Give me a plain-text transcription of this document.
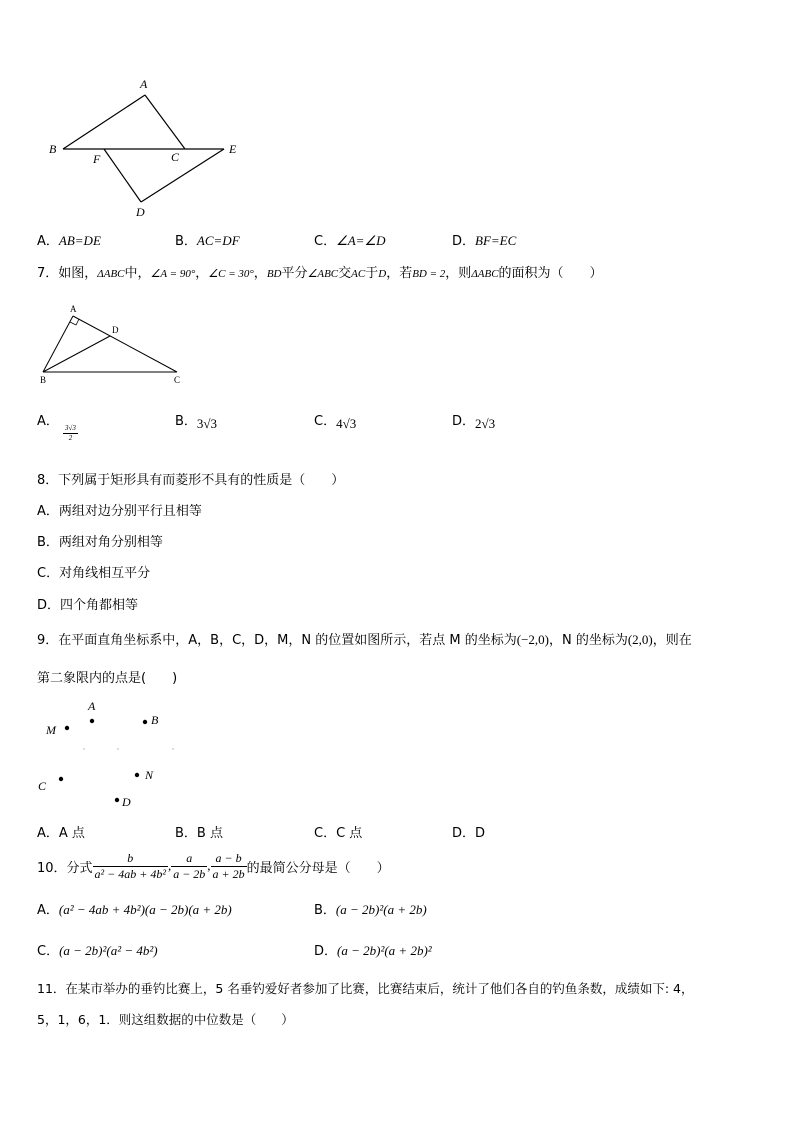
A
B
F	C
E
D
A．AB=DE	B．AC=DF	C．∠A=∠D	D．BF=EC
7．如图，ΔABC中，∠A = 90°，∠C = 30°，BD平分∠ABC交AC于D，若BD = 2，则ΔABC的面积为（　　）
A
D
B	C
A．
$\frac{3√3}{2}$
B．3√3	C．4√3	D．2√3
8．下列属于矩形具有而菱形不具有的性质是（　　）
A．两组对边分别平行且相等
B．两组对角分别相等
C．对角线相互平分
D．四个角都相等
9．在平面直角坐标系中，A，B，C，D，M，N 的位置如图所示，若点 M 的坐标为(−2,0)，N 的坐标为(2,0)，则在
第二象限内的点是(　　)
M
A
B
C
N
D
A．A 点	B．B 点	C．C 点	D．D
10．分式 $\frac{b}{\text{a² − 4ab + 4b²}}$ , $\frac{a}{a - 2b}$ , $\frac{a - b}{a + 2b}$ 的最简公分母是（　　）
A．(a² − 4ab + 4b²)(a − 2b)(a + 2b)	B．(a − 2b)²(a + 2b)
C．(a − 2b)²(a² − 4b²)	D．(a − 2b)²(a + 2b)²
11．在某市举办的垂钓比赛上，5 名垂钓爱好者参加了比赛，比赛结束后，统计了他们各自的钓鱼条数，成绩如下: 4，
5，1，6，1．则这组数据的中位数是（　　）
